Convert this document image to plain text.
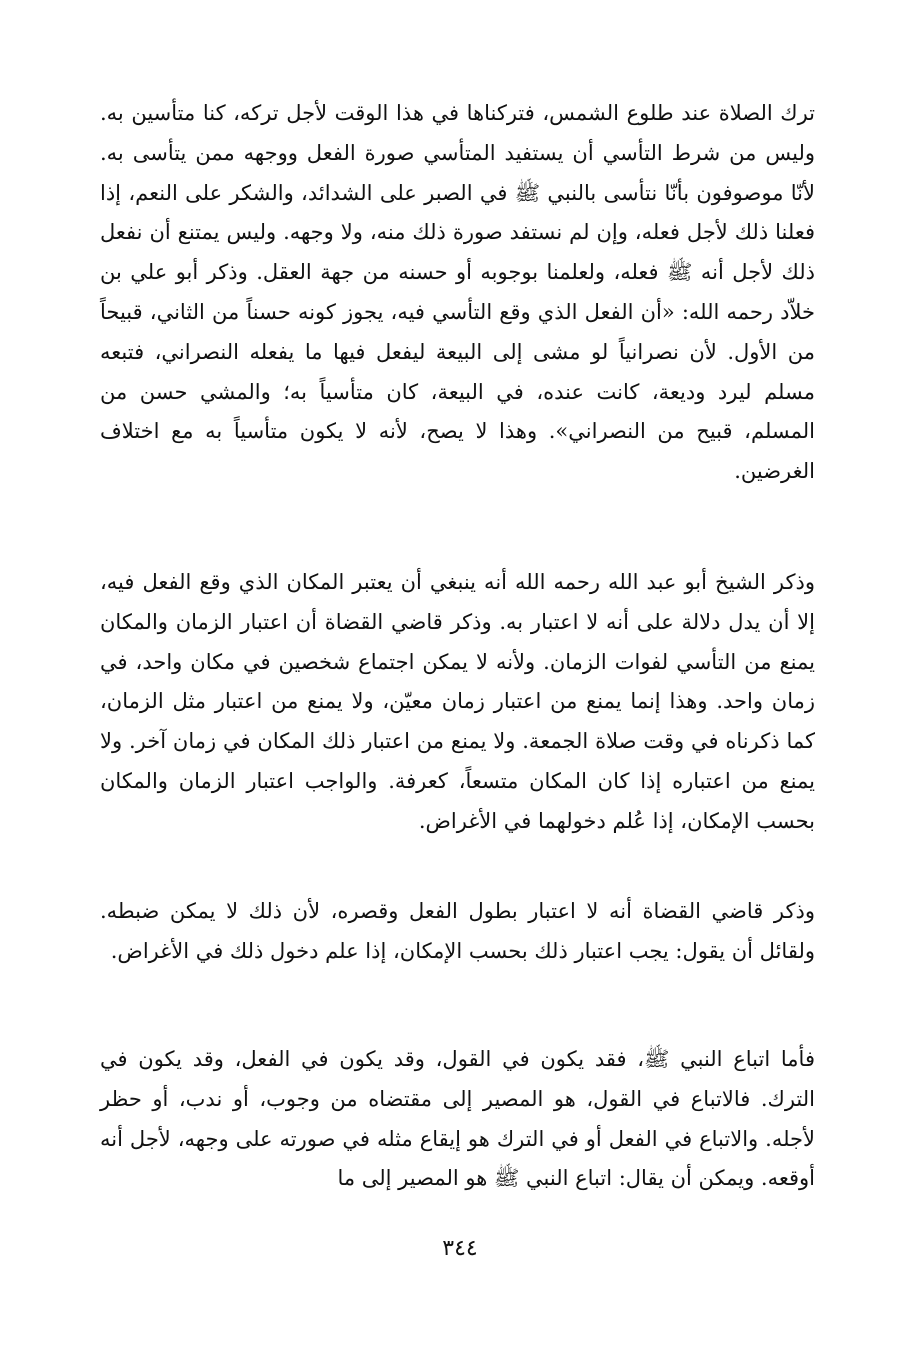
ترك الصلاة عند طلوع الشمس، فتركناها في هذا الوقت لأجل تركه، كنا متأسين به. وليس من شرط التأسي أن يستفيد المتأسي صورة الفعل ووجهه ممن يتأسى به. لأنّا موصوفون بأنّا نتأسى بالنبي ﷺ في الصبر على الشدائد، والشكر على النعم، إذا فعلنا ذلك لأجل فعله، وإن لم نستفد صورة ذلك منه، ولا وجهه. وليس يمتنع أن نفعل ذلك لأجل أنه ﷺ فعله، ولعلمنا بوجوبه أو حسنه من جهة العقل. وذكر أبو علي بن خلاّد رحمه الله: «أن الفعل الذي وقع التأسي فيه، يجوز كونه حسناً من الثاني، قبيحاً من الأول. لأن نصرانياً لو مشى إلى البيعة ليفعل فيها ما يفعله النصراني، فتبعه مسلم ليرد وديعة، كانت عنده، في البيعة، كان متأسياً به؛ والمشي حسن من المسلم، قبيح من النصراني». وهذا لا يصح، لأنه لا يكون متأسياً به مع اختلاف الغرضين.

وذكر الشيخ أبو عبد الله رحمه الله أنه ينبغي أن يعتبر المكان الذي وقع الفعل فيه، إلا أن يدل دلالة على أنه لا اعتبار به. وذكر قاضي القضاة أن اعتبار الزمان والمكان يمنع من التأسي لفوات الزمان. ولأنه لا يمكن اجتماع شخصين في مكان واحد، في زمان واحد. وهذا إنما يمنع من اعتبار زمان معيّن، ولا يمنع من اعتبار مثل الزمان، كما ذكرناه في وقت صلاة الجمعة. ولا يمنع من اعتبار ذلك المكان في زمان آخر. ولا يمنع من اعتباره إذا كان المكان متسعاً، كعرفة. والواجب اعتبار الزمان والمكان بحسب الإمكان، إذا عُلم دخولهما في الأغراض.

وذكر قاضي القضاة أنه لا اعتبار بطول الفعل وقصره، لأن ذلك لا يمكن ضبطه. ولقائل أن يقول: يجب اعتبار ذلك بحسب الإمكان، إذا علم دخول ذلك في الأغراض.

فأما اتباع النبي ﷺ، فقد يكون في القول، وقد يكون في الفعل، وقد يكون في الترك. فالاتباع في القول، هو المصير إلى مقتضاه من وجوب، أو ندب، أو حظر لأجله. والاتباع في الفعل أو في الترك هو إيقاع مثله في صورته على وجهه، لأجل أنه أوقعه. ويمكن أن يقال: اتباع النبي ﷺ هو المصير إلى ما

٣٤٤
